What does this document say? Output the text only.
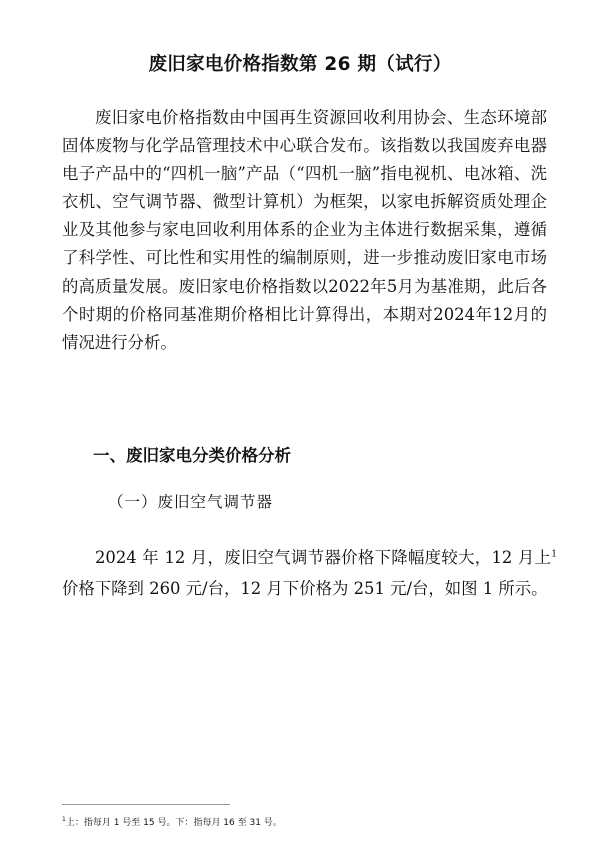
废旧家电价格指数第 26 期（试行）

废旧家电价格指数由中国再生资源回收利用协会、生态环境部固体废物与化学品管理技术中心联合发布。该指数以我国废弃电器电子产品中的“四机一脑”产品（“四机一脑”指电视机、电冰箱、洗衣机、空气调节器、微型计算机）为框架，以家电拆解资质处理企业及其他参与家电回收利用体系的企业为主体进行数据采集，遵循了科学性、可比性和实用性的编制原则，进一步推动废旧家电市场的高质量发展。废旧家电价格指数以2022年5月为基准期，此后各个时期的价格同基准期价格相比计算得出，本期对2024年12月的情况进行分析。

一、废旧家电分类价格分析
（一）废旧空气调节器

2024 年 12 月，废旧空气调节器价格下降幅度较大，12 月上$^1$价格下降到 260 元/台，12 月下价格为 251 元/台，如图 1 所示。

$^1$上：指每月 1 号至 15 号。下：指每月 16 至 31 号。
